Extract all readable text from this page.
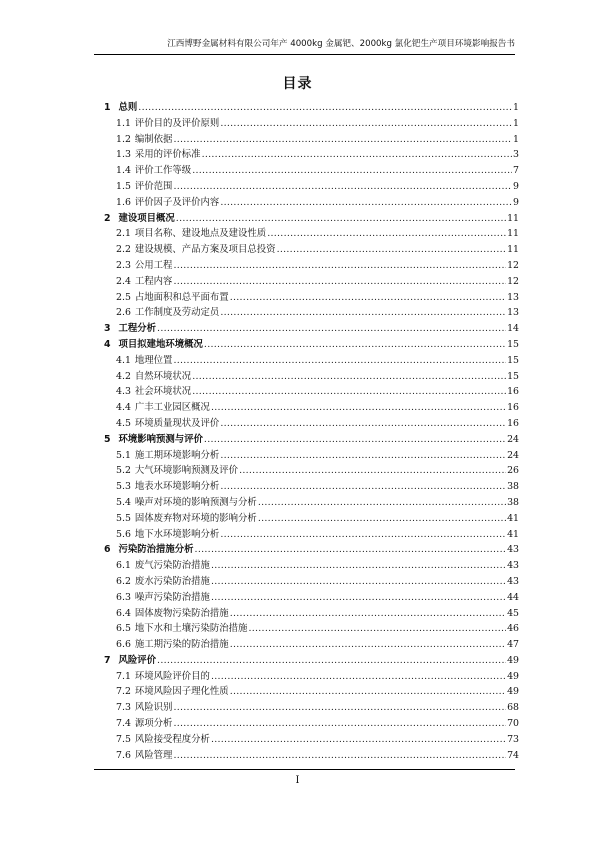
江西博野金属材料有限公司年产 4000kg 金属钯、2000kg 氯化钯生产项目环境影响报告书
目录
1 总则 .....	1
1.1 评价目的及评价原则 .....	1
1.2 编制依据 .....	1
1.3 采用的评价标准 .....	3
1.4 评价工作等级 .....	7
1.5 评价范围 .....	9
1.6 评价因子及评价内容 .....	9
2 建设项目概况 .....	11
2.1 项目名称、建设地点及建设性质 .....	11
2.2 建设规模、产品方案及项目总投资 .....	11
2.3 公用工程 .....	12
2.4 工程内容 .....	12
2.5 占地面积和总平面布置 .....	13
2.6 工作制度及劳动定员 .....	13
3 工程分析 .....	14
4 项目拟建地环境概况 .....	15
4.1 地理位置 .....	15
4.2 自然环境状况 .....	15
4.3 社会环境状况 .....	16
4.4 广丰工业园区概况 .....	16
4.5 环境质量现状及评价 .....	16
5 环境影响预测与评价 .....	24
5.1 施工期环境影响分析 .....	24
5.2 大气环境影响预测及评价 .....	26
5.3 地表水环境影响分析 .....	38
5.4 噪声对环境的影响预测与分析 .....	38
5.5 固体废弃物对环境的影响分析 .....	41
5.6 地下水环境影响分析 .....	41
6 污染防治措施分析 .....	43
6.1 废气污染防治措施 .....	43
6.2 废水污染防治措施 .....	43
6.3 噪声污染防治措施 .....	44
6.4 固体废物污染防治措施 .....	45
6.5 地下水和土壤污染防治措施 .....	46
6.6 施工期污染的防治措施 .....	47
7 风险评价 .....	49
7.1 环境风险评价目的 .....	49
7.2 环境风险因子理化性质 .....	49
7.3 风险识别 .....	68
7.4 源项分析 .....	70
7.5 风险接受程度分析 .....	73
7.6 风险管理 .....	74
I
